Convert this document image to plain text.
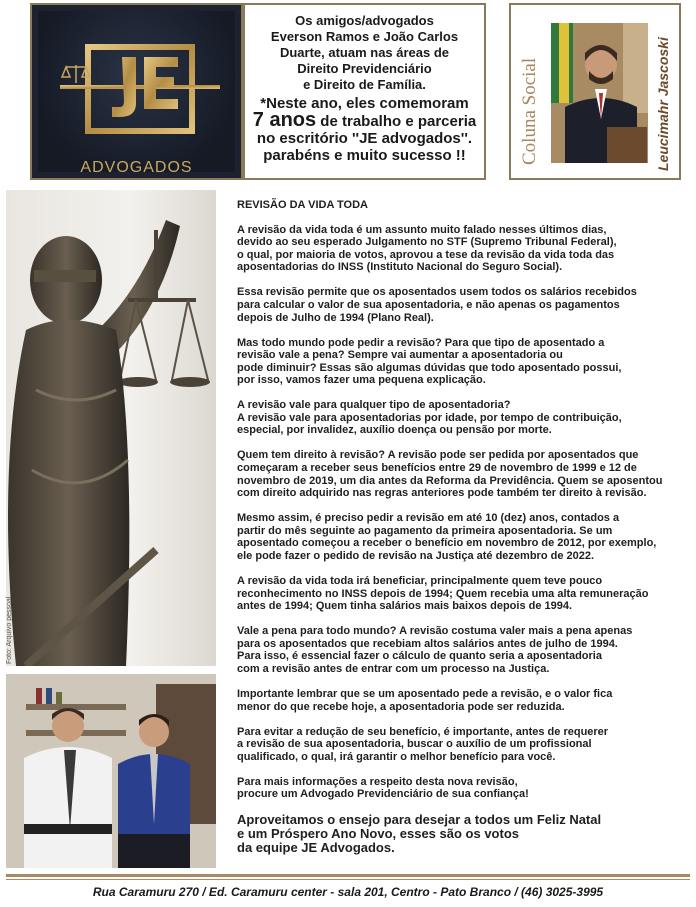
ADVOGADOS
Os amigos/advogados
Everson Ramos e João Carlos
Duarte, atuam nas áreas de
Direito Previdenciário
e Direito de Família.
*Neste ano, eles comemoram
7 anos de trabalho e parceria
no escritório ''JE advogados''.
parabéns e muito sucesso !!	Coluna Social	Leucimahr Jascoski
Foto: Arquivo pessoal
REVISÃO DA VIDA TODA
A revisão da vida toda é um assunto muito falado nesses últimos dias,
devido ao seu esperado Julgamento no STF (Supremo Tribunal Federal),
o qual, por maioria de votos, aprovou a tese da revisão da vida toda das
aposentadorias do INSS (Instituto Nacional do Seguro Social).
Essa revisão permite que os aposentados usem todos os salários recebidos
para calcular o valor de sua aposentadoria, e não apenas os pagamentos
depois de Julho de 1994 (Plano Real).
Mas todo mundo pode pedir a revisão? Para que tipo de aposentado a
revisão vale a pena? Sempre vai aumentar a aposentadoria ou
pode diminuir? Essas são algumas dúvidas que todo aposentado possui,
por isso, vamos fazer uma pequena explicação.
A revisão vale para qualquer tipo de aposentadoria?
A revisão vale para aposentadorias por idade, por tempo de contribuição,
especial, por invalidez, auxílio doença ou pensão por morte.
Quem tem direito à revisão? A revisão pode ser pedida por aposentados que
começaram a receber seus benefícios entre 29 de novembro de 1999 e 12 de
novembro de 2019, um dia antes da Reforma da Previdência. Quem se aposentou
com direito adquirido nas regras anteriores pode também ter direito à revisão.
Mesmo assim, é preciso pedir a revisão em até 10 (dez) anos, contados a
partir do mês seguinte ao pagamento da primeira aposentadoria. Se um
aposentado começou a receber o benefício em novembro de 2012, por exemplo,
ele pode fazer o pedido de revisão na Justiça até dezembro de 2022.
A revisão da vida toda irá beneficiar, principalmente quem teve pouco
reconhecimento no INSS depois de 1994; Quem recebia uma alta remuneração
antes de 1994; Quem tinha salários mais baixos depois de 1994.
Vale a pena para todo mundo? A revisão costuma valer mais a pena apenas
para os aposentados que recebiam altos salários antes de julho de 1994.
Para isso, é essencial fazer o cálculo de quanto seria a aposentadoria
com a revisão antes de entrar com um processo na Justiça.
Importante lembrar que se um aposentado pede a revisão, e o valor fica
menor do que recebe hoje, a aposentadoria pode ser reduzida.
Para evitar a redução de seu benefício, é importante, antes de requerer
a revisão de sua aposentadoria, buscar o auxílio de um profissional
qualificado, o qual, irá garantir o melhor benefício para você.
Para mais informações a respeito desta nova revisão,
procure um Advogado Previdenciário de sua confiança!
Aproveitamos o ensejo para desejar a todos um Feliz Natal
e um Próspero Ano Novo, esses são os votos
da equipe JE Advogados.
Rua Caramuru 270 / Ed. Caramuru center - sala 201, Centro - Pato Branco / (46) 3025-3995
